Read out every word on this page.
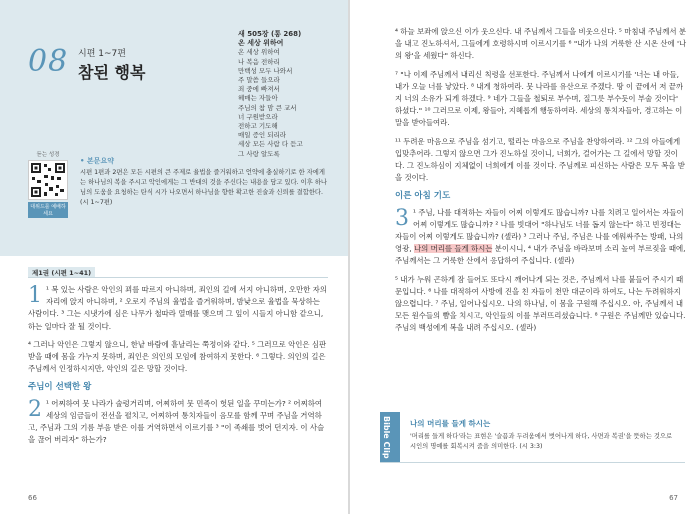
08 시편 1~7편
참된 행복
새 505장 (통 268)
온 세상 위하여
온 세상 위하여
나 복음 전하리
만백성 모두 나와서
주 말씀 들으라
죄 중에 빠져서
헤매는 자들아
주님의 참 맘 큰 교서
너 구원받으라
전하고 기도해
매일 증인 되리라
세상 모든 사람 다 듣고
그 사랑 알도록
듣는 성경
대위드를 예배하세요
• 본문요약
시편 1편과 2편은 모든 시편의 큰 주제로 율법을 즐거워하고 언약에 충실하기로 한 자에게는 하나님의 복을 주시고 악인에게는 그 반대의 것을 주신다는 내용을 담고 있다. 이후 하나님의 도움을 요청하는 탄식 시가 나오면서 하나님을 향한 확고한 진술과 신뢰를 결합한다. (시 1~7편)
제1권 (시편 1~41)
1 ¹ 복 있는 사람은 악인의 꾀를 따르지 아니하며, 죄인의 길에 서지 아니하며, 오만한 자의 자리에 앉지 아니하며, ² 오로지 주님의 율법을 즐거워하며, 밤낮으로 율법을 묵상하는 사람이다. ³ 그는 시냇가에 심은 나무가 철따라 열매를 맺으며 그 잎이 시들지 아니함 같으니, 하는 일마다 잘 될 것이다.
⁴ 그러나 악인은 그렇지 않으니, 한낱 바람에 흩날리는 쭉정이와 같다. ⁵ 그러므로 악인은 심판받을 때에 몸을 가누지 못하며, 죄인은 의인의 모임에 참여하지 못한다. ⁶ 그렇다. 의인의 길은 주님께서 인정하시지만, 악인의 길은 망할 것이다.
주님이 선택한 왕
2 ¹ 어찌하여 뭇 나라가 술렁거리며, 어찌하여 뭇 민족이 헛된 일을 꾸미는가? ² 어찌하여 세상의 임금들이 전선을 펼치고, 어찌하여 통치자들이 음모를 함께 꾸며 주님을 거역하고, 주님과 그의 기름 부음 받은 이를 거역하면서 이르기를 ³ "이 족쇄를 벗어 던지자. 이 사슬을 끊어 버리자" 하는가?
66
⁴ 하늘 보좌에 앉으신 이가 웃으신다. 내 주님께서 그들을 비웃으신다. ⁵ 마침내 주님께서 분을 내고 진노하셔서, 그들에게 호령하시며 이르시기를 ⁶ "내가 나의 거룩한 산 시온 산에 '나의 왕'을 세웠다" 하신다.
⁷ "나 이제 주님께서 내리신 칙령을 선포한다. 주님께서 나에게 이르시기를 '너는 내 아들, 내가 오늘 너를 낳았다. ⁸ 내게 청하여라. 뭇 나라를 유산으로 주겠다. 땅 이 끝에서 저 끝까지 너의 소유가 되게 하겠다. ⁹ 네가 그들을 철퇴로 부수며, 질그릇 부수듯이 부술 것이다' 하셨다." ¹⁰ 그러므로 이제, 왕들아, 지혜롭게 행동하여라. 세상의 통치자들아, 경고하는 이 말을 받아들여라.
¹¹ 두려운 마음으로 주님을 섬기고, 떨리는 마음으로 주님을 찬양하여라. ¹² 그의 아들에게 입맞추어라. 그렇지 않으면 그가 진노하실 것이니, 너희가, 걸어가는 그 길에서 망할 것이다. 그 진노하심이 지체없이 너희에게 이를 것이다. 주님께로 피신하는 사람은 모두 복을 받을 것이다.
이른 아침 기도
3 ¹ 주님, 나를 대적하는 자들이 어찌 이렇게도 많습니까? 나를 치려고 일어서는 자들이 어찌 이렇게도 많습니까? ² 나를 빗대어 "하나님도 너를 돕지 않는다" 하고 빈정대는 자들이 어찌 이렇게도 많습니까? (셀라) ³ 그러나 주님, 주님은 나를 에워싸주는 방패, 나의 영광, 나의 머리를 들게 하시는 분이시니, ⁴ 내가 주님을 바라보며 소리 높여 부르짖을 때에, 주님께서는 그 거룩한 산에서 응답하여 주십니다. (셀라)
⁵ 내가 누워 곤하게 잠 들어도 또다시 깨어나게 되는 것은, 주님께서 나를 붙들어 주시기 때문입니다. ⁶ 나를 대적하여 사방에 진을 친 자들이 천만 대군이라 하여도, 나는 두려워하지 않으렵니다. ⁷ 주님, 일어나십시오. 나의 하나님, 이 몸을 구원해 주십시오. 아, 주님께서 내 모든 원수들의 뺨을 치시고, 악인들의 이를 부러뜨리셨습니다. ⁸ 구원은 주님께만 있습니다. 주님의 백성에게 복을 내려 주십시오. (셀라)
67
Bible Clip	나의 머리를 들게 하시는
'머리를 들게 하다'라는 표현은 '슬픔과 두려움에서 벗어나게 하다, 사면과 복권'을 뜻하는 것으로 시인의 명예를 회복시켜 줌을 의미한다. (시 3:3)
